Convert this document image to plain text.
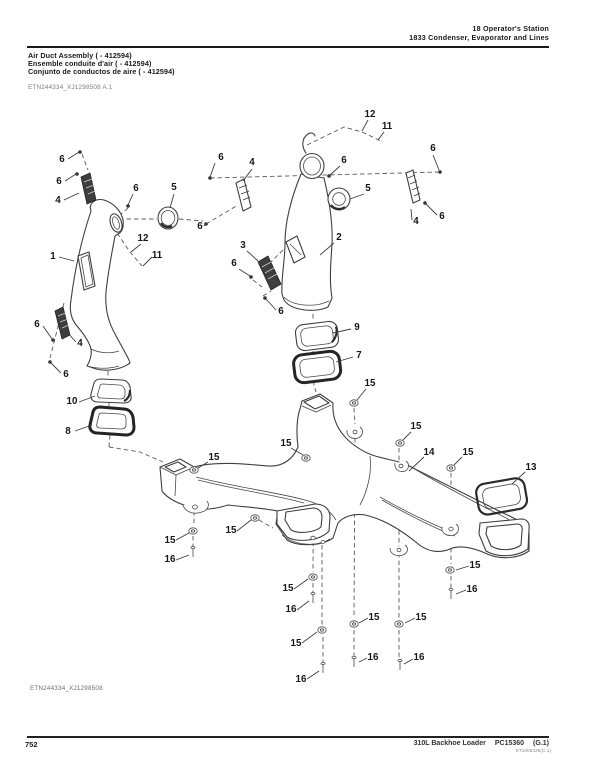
18 Operator's Station
1833 Condenser, Evaporator and Lines
Air Duct Assembly ( - 412594)
Ensemble conduite d'air ( - 412594)
Conjunto de conductos de aire ( - 412594)
ETN244334_XJ1298508 A.1
6
6
4
6	5
12
11
1
6
4
6
10
8
12
11
6	4	6
6
5
6	4 6
2
3
6
6
9
7
15
15
14
15
15
13
15
15
15
16
15
16
15
16
15
16
15
16
15
16
ETN244334_XJ1298508
752	310L Backhoe Loader PC15360 (G.1)
ST1005335(C.1)
